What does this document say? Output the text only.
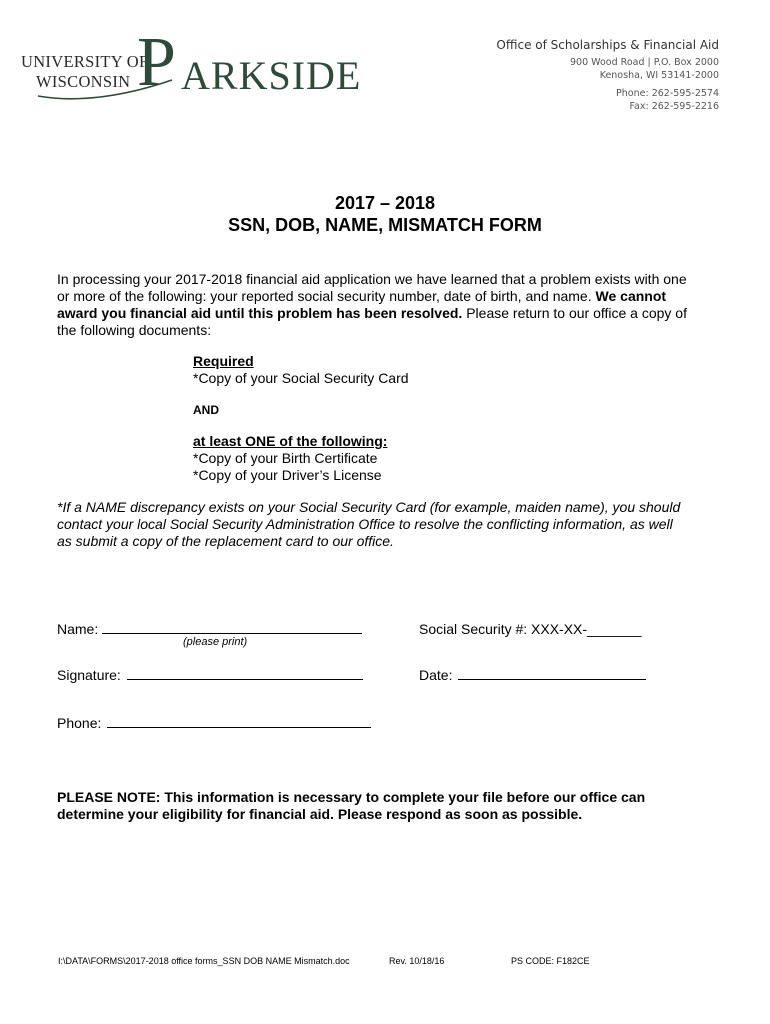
UNIVERSITY OF
WISCONSIN P ARKSIDE
Office of Scholarships & Financial Aid
900 Wood Road | P.O. Box 2000
Kenosha, WI 53141-2000
Phone: 262-595-2574
Fax: 262-595-2216
2017 – 2018
SSN, DOB, NAME, MISMATCH FORM
In processing your 2017-2018 financial aid application we have learned that a problem exists with one or more of the following: your reported social security number, date of birth, and name. We cannot award you financial aid until this problem has been resolved. Please return to our office a copy of the following documents:
Required
*Copy of your Social Security Card
AND
at least ONE of the following:
*Copy of your Birth Certificate
*Copy of your Driver’s License
*If a NAME discrepancy exists on your Social Security Card (for example, maiden name), you should contact your local Social Security Administration Office to resolve the conflicting information, as well as submit a copy of the replacement card to our office.
Name:
(please print)
Social Security #: XXX-XX-_______
Signature:	Date:
Phone:
PLEASE NOTE: This information is necessary to complete your file before our office can determine your eligibility for financial aid. Please respond as soon as possible.
I:\DATA\FORMS\2017-2018 office forms_SSN DOB NAME Mismatch.doc	Rev. 10/18/16	PS CODE: F182CE
